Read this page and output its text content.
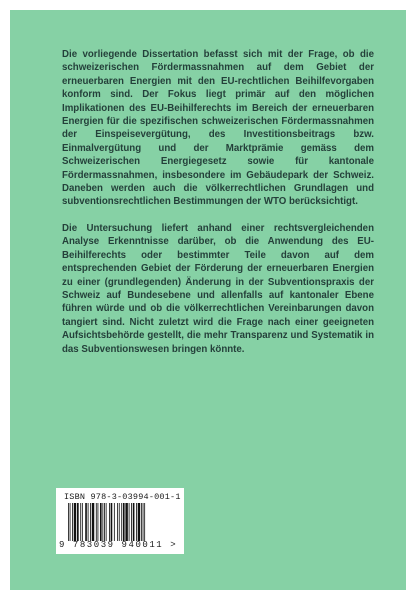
Die vorliegende Dissertation befasst sich mit der Frage, ob die schweizerischen Fördermassnahmen auf dem Gebiet der erneuerbaren Energien mit den EU-rechtlichen Beihilfevorgaben konform sind. Der Fokus liegt primär auf den möglichen Implikationen des EU-Beihilferechts im Bereich der erneuerbaren Energien für die spezifischen schweizerischen Fördermassnahmen der Einspeisevergütung, des Investitionsbeitrags bzw. Einmalvergütung und der Marktprämie gemäss dem Schweizerischen Energiegesetz sowie für kantonale Fördermassnahmen, insbesondere im Gebäudepark der Schweiz. Daneben werden auch die völkerrechtlichen Grundlagen und subventionsrechtlichen Bestimmungen der WTO berücksichtigt.

Die Untersuchung liefert anhand einer rechtsvergleichenden Analyse Erkenntnisse darüber, ob die Anwendung des EU-Beihilferechts oder bestimmter Teile davon auf dem entsprechenden Gebiet der Förderung der erneuerbaren Energien zu einer (grundlegenden) Änderung in der Subventionspraxis der Schweiz auf Bundesebene und allenfalls auf kantonaler Ebene führen würde und ob die völkerrechtlichen Vereinbarungen davon tangiert sind. Nicht zuletzt wird die Frage nach einer geeigneten Aufsichtsbehörde gestellt, die mehr Transparenz und Systematik in das Subventionswesen bringen könnte.

ISBN 978-3-03994-001-1
9 783039 940011 >
